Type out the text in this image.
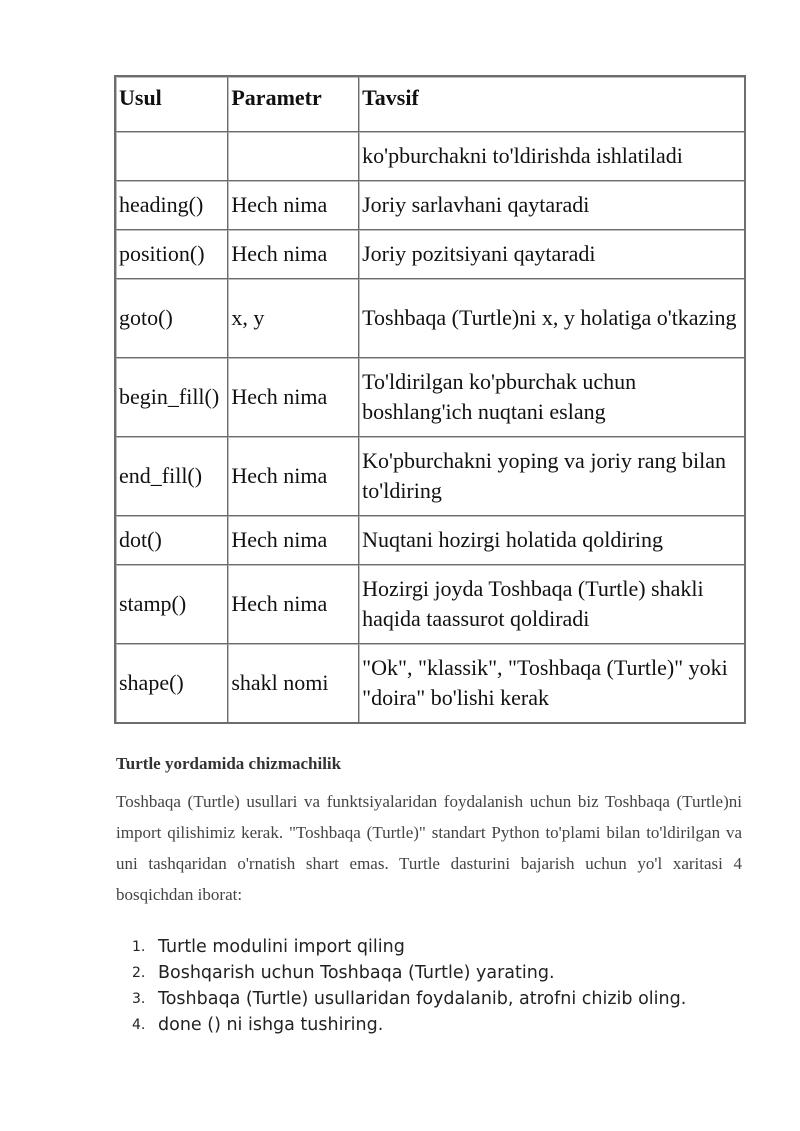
Usul	Parametr	Tavsif
		ko'pburchakni to'ldirishda ishlatiladi
heading()	Hech nima	Joriy sarlavhani qaytaradi
position()	Hech nima	Joriy pozitsiyani qaytaradi
goto()	x, y	Toshbaqa (Turtle)ni x, y holatiga o'tkazing
begin_fill()	Hech nima	To'ldirilgan ko'pburchak uchun boshlang'ich nuqtani eslang
end_fill()	Hech nima	Ko'pburchakni yoping va joriy rang bilan to'ldiring
dot()	Hech nima	Nuqtani hozirgi holatida qoldiring
stamp()	Hech nima	Hozirgi joyda Toshbaqa (Turtle) shakli haqida taassurot qoldiradi
shape()	shakl nomi	"Ok", "klassik", "Toshbaqa (Turtle)" yoki "doira" bo'lishi kerak
Turtle yordamida chizmachilik

Toshbaqa (Turtle) usullari va funktsiyalaridan foydalanish uchun biz Toshbaqa (Turtle)ni import qilishimiz kerak. "Toshbaqa (Turtle)" standart Python to'plami bilan to'ldirilgan va uni tashqaridan o'rnatish shart emas. Turtle dasturini bajarish uchun yo'l xaritasi 4 bosqichdan iborat:

1. Turtle modulini import qiling
2. Boshqarish uchun Toshbaqa (Turtle) yarating.
3. Toshbaqa (Turtle) usullaridan foydalanib, atrofni chizib oling.
4. done () ni ishga tushiring.
